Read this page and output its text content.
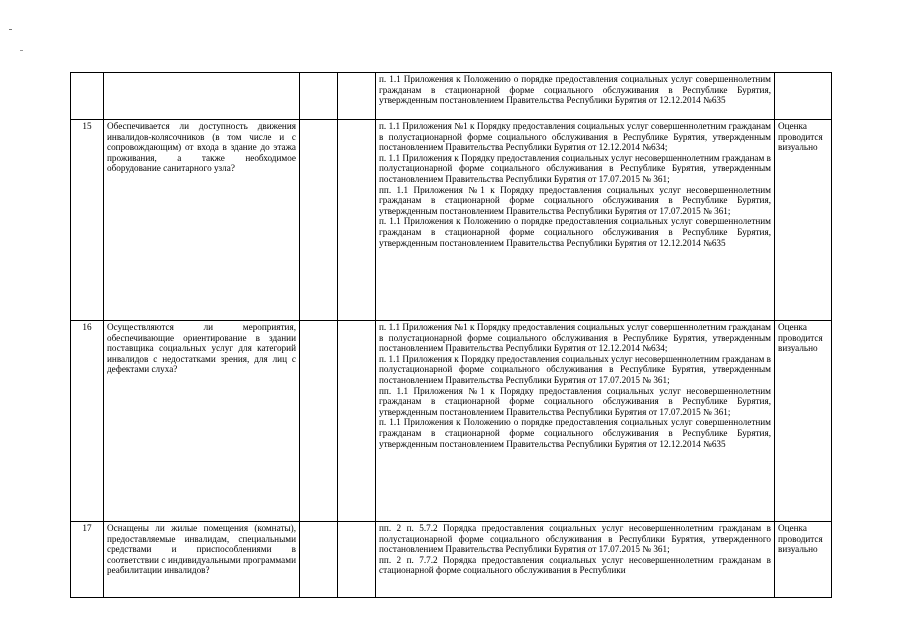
				п. 1.1 Приложения к Положению о порядке предоставления социальных услуг совершеннолетним гражданам в стационарной форме социального обслуживания в Республике Бурятия, утвержденным постановлением Правительства Республики Бурятия от 12.12.2014 №635	

15	Обеспечивается ли доступность движения инвалидов-колясочников (в том числе и с сопровождающим) от входа в здание до этажа проживания, а также необходимое оборудование санитарного узла?			п. 1.1 Приложения №1 к Порядку предоставления социальных услуг совершеннолетним гражданам в полустационарной форме социального обслуживания в Республике Бурятия, утвержденным постановлением Правительства Республики Бурятия от 12.12.2014 №634;

п. 1.1 Приложения к Порядку предоставления социальных услуг несовершеннолетним гражданам в полустационарной форме социального обслуживания в Республике Бурятия, утвержденным постановлением Правительства Республики Бурятия от 17.07.2015 № 361;

пп. 1.1 Приложения №1 к Порядку предоставления социальных услуг несовершеннолетним гражданам в стационарной форме социального обслуживания в Республике Бурятия, утвержденным постановлением Правительства Республики Бурятия от 17.07.2015 № 361;

п. 1.1 Приложения к Положению о порядке предоставления социальных услуг совершеннолетним гражданам в стационарной форме социального обслуживания в Республике Бурятия, утвержденным постановлением Правительства Республики Бурятия от 12.12.2014 №635	Оценка проводится визуально
16	Осуществляются ли мероприятия, обеспечивающие ориентирование в здании поставщика социальных услуг для категорий инвалидов с недостатками зрения, для лиц с дефектами слуха?			п. 1.1 Приложения №1 к Порядку предоставления социальных услуг совершеннолетним гражданам в полустационарной форме социального обслуживания в Республике Бурятия, утвержденным постановлением Правительства Республики Бурятия от 12.12.2014 №634;

п. 1.1 Приложения к Порядку предоставления социальных услуг несовершеннолетним гражданам в полустационарной форме социального обслуживания в Республике Бурятия, утвержденным постановлением Правительства Республики Бурятия от 17.07.2015 № 361;

пп. 1.1 Приложения №1 к Порядку предоставления социальных услуг несовершеннолетним гражданам в стационарной форме социального обслуживания в Республике Бурятия, утвержденным постановлением Правительства Республики Бурятия от 17.07.2015 № 361;

п. 1.1 Приложения к Положению о порядке предоставления социальных услуг совершеннолетним гражданам в стационарной форме социального обслуживания в Республике Бурятия, утвержденным постановлением Правительства Республики Бурятия от 12.12.2014 №635	Оценка проводится визуально
17	Оснащены ли жилые помещения (комнаты), предоставляемые инвалидам, специальными средствами и приспособлениями в соответствии с индивидуальными программами реабилитации инвалидов?			пп. 2 п. 5.7.2 Порядка предоставления социальных услуг несовершеннолетним гражданам в полустационарной форме социального обслуживания в Республики Бурятия, утвержденного постановлением Правительства Республики Бурятия от 17.07.2015 № 361;

пп. 2 п. 7.7.2 Порядка предоставления социальных услуг несовершеннолетним гражданам в стационарной форме социального обслуживания в Республики	Оценка проводится визуально
